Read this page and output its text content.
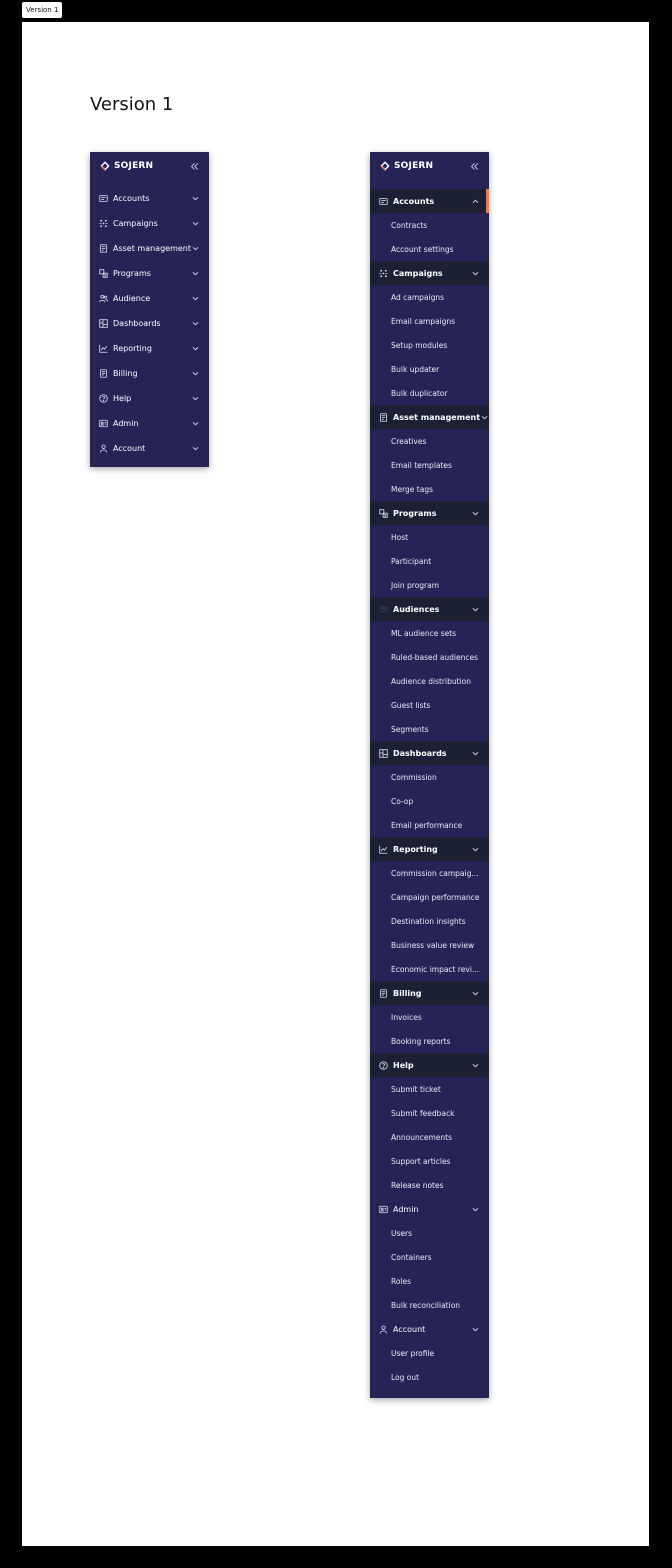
Version 1
Version 1
SOJERN
Accounts
Campaigns
Asset management
Programs
Audience
Dashboards
Reporting
Billing
Help
Admin
Account
SOJERN
Accounts
Contracts
Account settings
Campaigns
Ad campaigns
Email campaigns
Setup modules
Bulk updater
Bulk duplicator
Asset management
Creatives
Email templates
Merge tags
Programs
Host
Participant
Join program
Audiences
ML audience sets
Ruled-based audiences
Audience distribution
Guest lists
Segments
Dashboards
Commission
Co-op
Email performance
Reporting
Commission campaig...
Campaign performance
Destination insights
Business value review
Economic impact revi...
Billing
Invoices
Booking reports
Help
Submit ticket
Submit feedback
Announcements
Support articles
Release notes
Admin
Users
Containers
Roles
Bulk reconciliation
Account
User profile
Log out
